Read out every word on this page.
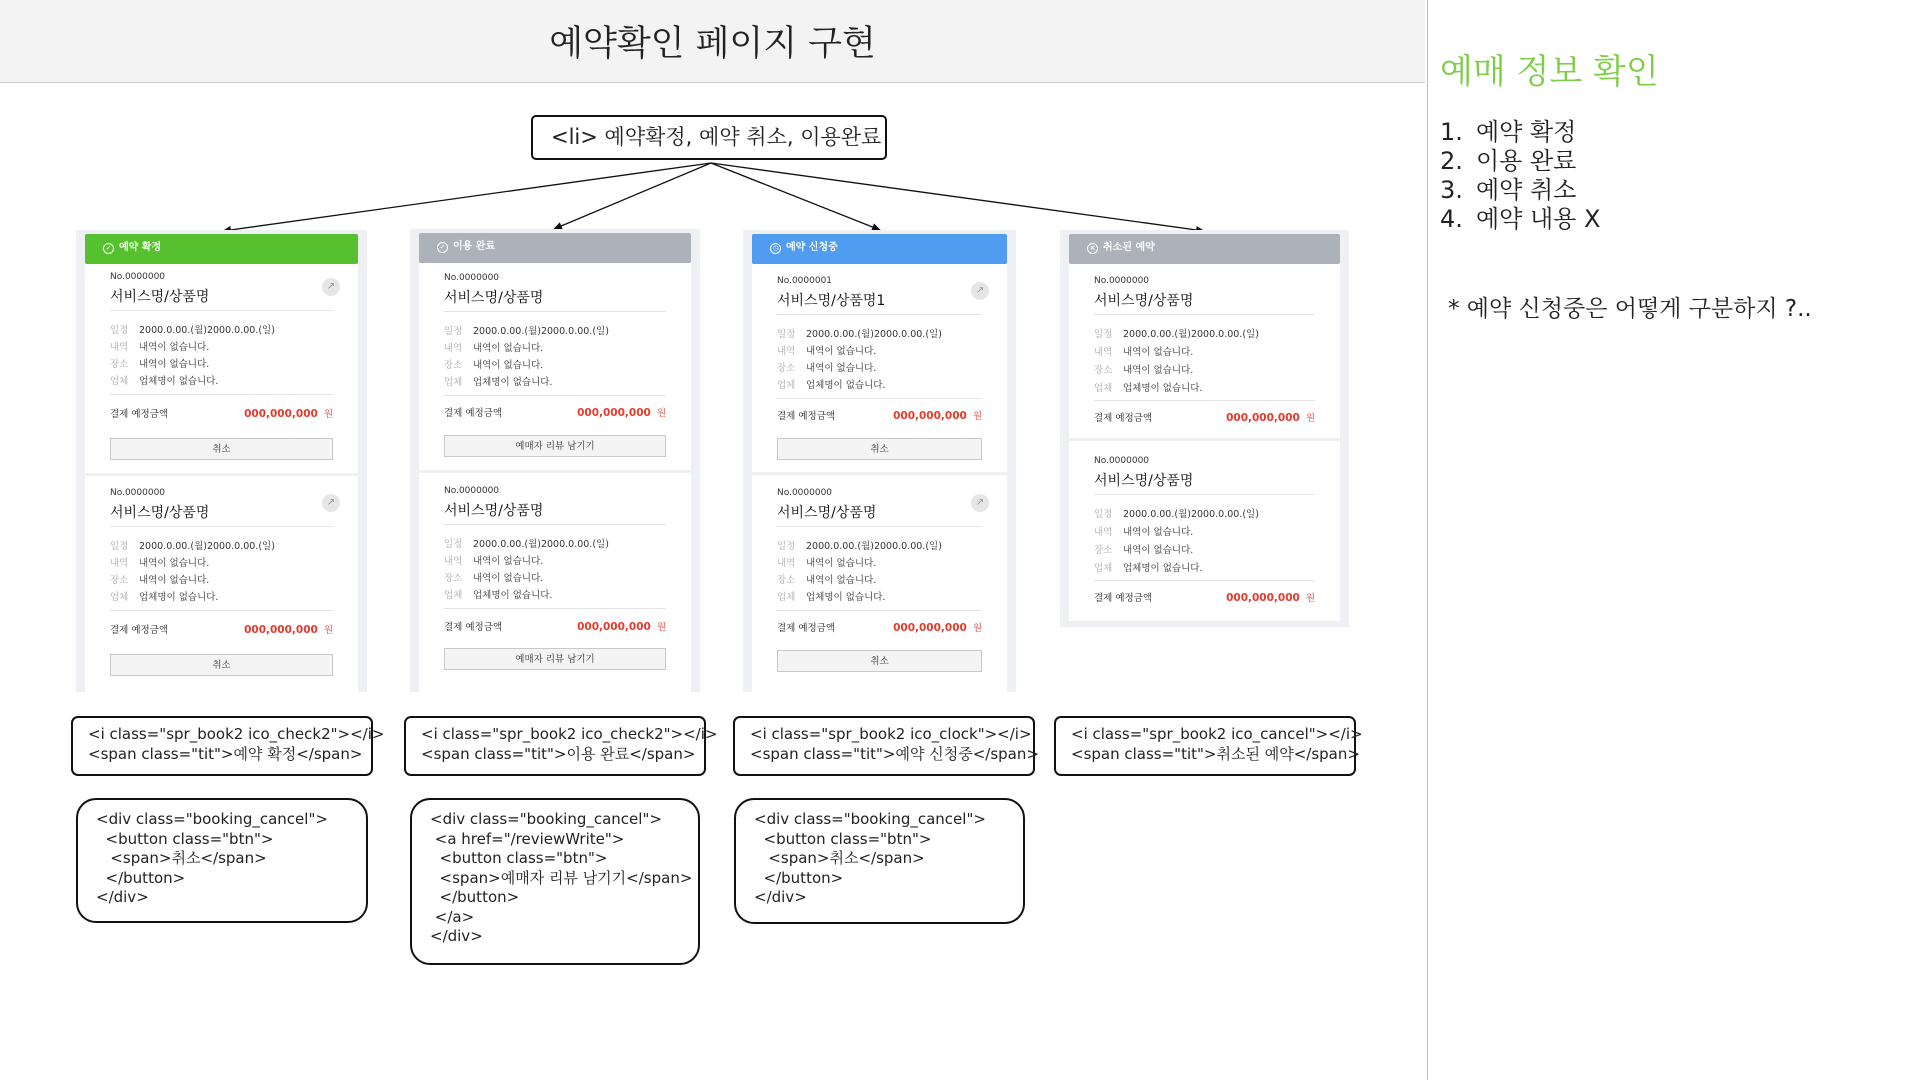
예약확인 페이지 구현
예매 정보 확인
1. 예약 확정
2. 이용 완료
3. 예약 취소
4. 예약 내용 X
* 예약 신청중은 어떻게 구분하지 ?..
<li> 예약확정, 예약 취소, 이용완료
✓ 예약 확정
No.0000000
서비스명/상품명
↗
일정 2000.0.00.(월)2000.0.00.(일)
내역 내역이 없습니다.
장소 내역이 없습니다.
업체 업체명이 없습니다.
결제 예정금액	000,000,000 원
취소
No.0000000
서비스명/상품명
↗
일정 2000.0.00.(월)2000.0.00.(일)
내역 내역이 없습니다.
장소 내역이 없습니다.
업체 업체명이 없습니다.
결제 예정금액	000,000,000 원
취소
✓ 이용 완료
No.0000000
서비스명/상품명
일정 2000.0.00.(월)2000.0.00.(일)
내역 내역이 없습니다.
장소 내역이 없습니다.
업체 업체명이 없습니다.
결제 예정금액	000,000,000 원
예매자 리뷰 남기기
No.0000000
서비스명/상품명
일정 2000.0.00.(월)2000.0.00.(일)
내역 내역이 없습니다.
장소 내역이 없습니다.
업체 업체명이 없습니다.
결제 예정금액	000,000,000 원
예매자 리뷰 남기기
◷ 예약 신청중
No.0000001
서비스명/상품명1
↗
일정 2000.0.00.(월)2000.0.00.(일)
내역 내역이 없습니다.
장소 내역이 없습니다.
업체 업체명이 없습니다.
결제 예정금액	000,000,000 원
취소
No.0000000
서비스명/상품명
↗
일정 2000.0.00.(월)2000.0.00.(일)
내역 내역이 없습니다.
장소 내역이 없습니다.
업체 업체명이 없습니다.
결제 예정금액	000,000,000 원
취소
× 취소된 예약
No.0000000
서비스명/상품명
일정 2000.0.00.(월)2000.0.00.(일)
내역 내역이 없습니다.
장소 내역이 없습니다.
업체 업체명이 없습니다.
결제 예정금액	000,000,000 원
No.0000000
서비스명/상품명
일정 2000.0.00.(월)2000.0.00.(일)
내역 내역이 없습니다.
장소 내역이 없습니다.
업체 업체명이 없습니다.
결제 예정금액	000,000,000 원
<i class="spr_book2 ico_check2"></i>
<span class="tit">예약 확정</span>
<i class="spr_book2 ico_check2"></i>
<span class="tit">이용 완료</span>
<i class="spr_book2 ico_clock"></i>
<span class="tit">예약 신청중</span>
<i class="spr_book2 ico_cancel"></i>
<span class="tit">취소된 예약</span>
<div class="booking_cancel">
<button class="btn">
<span>취소</span>
</button>
</div>
<div class="booking_cancel">
<a href="/reviewWrite">
<button class="btn">
<span>예매자 리뷰 남기기</span>
</button>
</a>
</div>
<div class="booking_cancel">
<button class="btn">
<span>취소</span>
</button>
</div>
